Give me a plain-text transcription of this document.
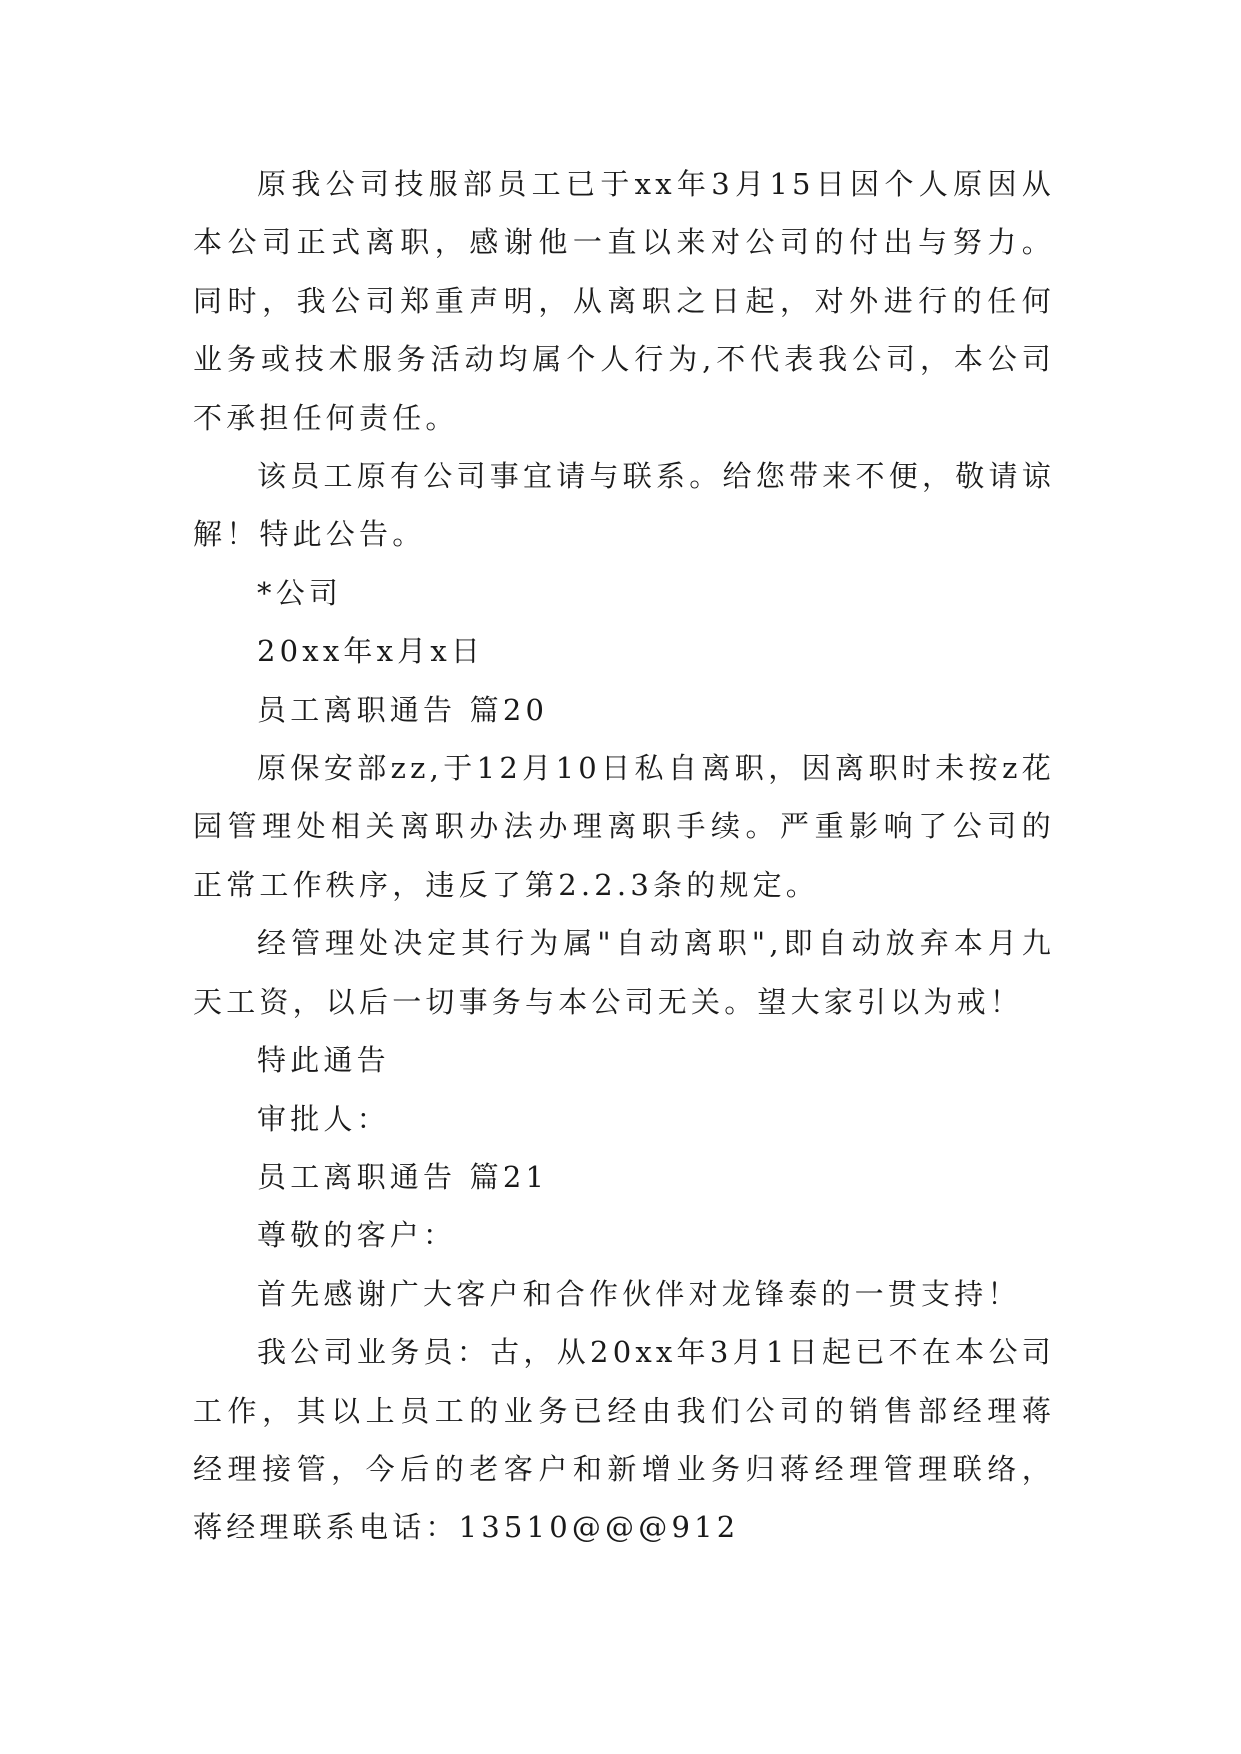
原我公司技服部员工已于xx年3月15日因个人原因从本公司正式离职，感谢他一直以来对公司的付出与努力。同时，我公司郑重声明，从离职之日起，对外进行的任何业务或技术服务活动均属个人行为,不代表我公司，本公司不承担任何责任。

该员工原有公司事宜请与联系。给您带来不便，敬请谅解！特此公告。

*公司

20xx年x月x日

员工离职通告 篇20

原保安部zz,于12月10日私自离职，因离职时未按z花园管理处相关离职办法办理离职手续。严重影响了公司的正常工作秩序，违反了第2.2.3条的规定。

经管理处决定其行为属"自动离职",即自动放弃本月九天工资，以后一切事务与本公司无关。望大家引以为戒！

特此通告

审批人：

员工离职通告 篇21

尊敬的客户：

首先感谢广大客户和合作伙伴对龙锋泰的一贯支持！

我公司业务员：古，从20xx年3月1日起已不在本公司工作，其以上员工的业务已经由我们公司的销售部经理蒋经理接管，今后的老客户和新增业务归蒋经理管理联络，蒋经理联系电话：13510@@@912
